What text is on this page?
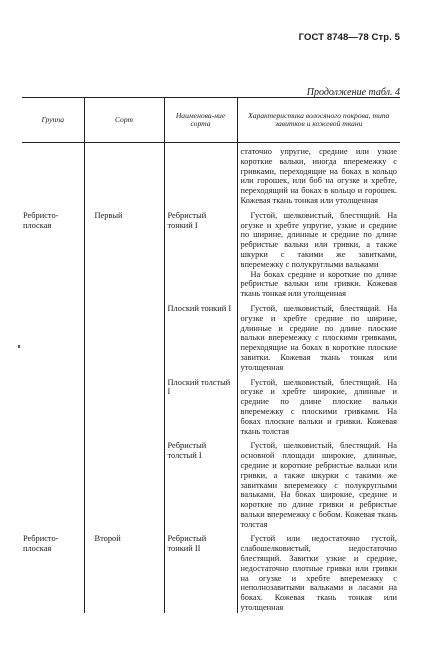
ГОСТ 8748—78 Стр. 5
Продолжение табл. 4
Группа	Сорт	Наименова-ние сорта	Характеристика волосяного покрова, типа завитков и кожевой ткани

			статочно упругие, средние или узкие короткие вальки, иногда вперемежку с гривками, переходящие на боках в кольцо или горошек, или боб на огузке и хребте, переходящий на боках в кольцо и горошек. Кожевая ткань тонкая или утолщенная

Ребристо-плоская	Первый	Ребристый тонкий I	Густой, шелковистый, блестящий. На огузке и хребте упругие, узкие и средние по ширине, длинные и средние по длине ребристые вальки или гривки, а также шкурки с такими же завитками, вперемежку с полукруглыми вальками

На боках средние и короткие по длине ребристые вальки или гривки. Кожевая ткань тонкая или утолщенная

		Плоский тонкий I	Густой, шелковистый, блестящий. На огузке и хребте средние по ширине, длинные и средние по длине плоские вальки вперемежку с плоскими гривками, переходящие на боках в короткие плоские завитки. Кожевая ткань тонкая или утолщенная

		Плоский толстый I	Густой, шелковистый, блестящий. На огузке и хребте широкие, длинные и средние по длине плоские вальки вперемежку с плоскими гривками. На боках плоские вальки и гривки. Кожевая ткань толстая

		Ребристый толстый I	Густой, шелковистый, блестящий. На основной площади широкие, длинные, средние и короткие ребристые вальки или гривки, а также шкурки с такими же завитками вперемежку с полукруглыми вальками. На боках широкие, средние и короткие по длине гривки и ребристые вальки вперемежку с бобом. Кожевая ткань толстая

Ребристо-плоская	Второй	Ребристый тонкий II	Густой или недостаточно густой, слабошелковистый, недостаточно блестящий. Завитки узкие и средние, недостаточно плотные гривки или гривки на огузке и хребте вперемежку с неполнозавитыми вальками и ласами на боках. Кожевая ткань тонкая или утолщенная
